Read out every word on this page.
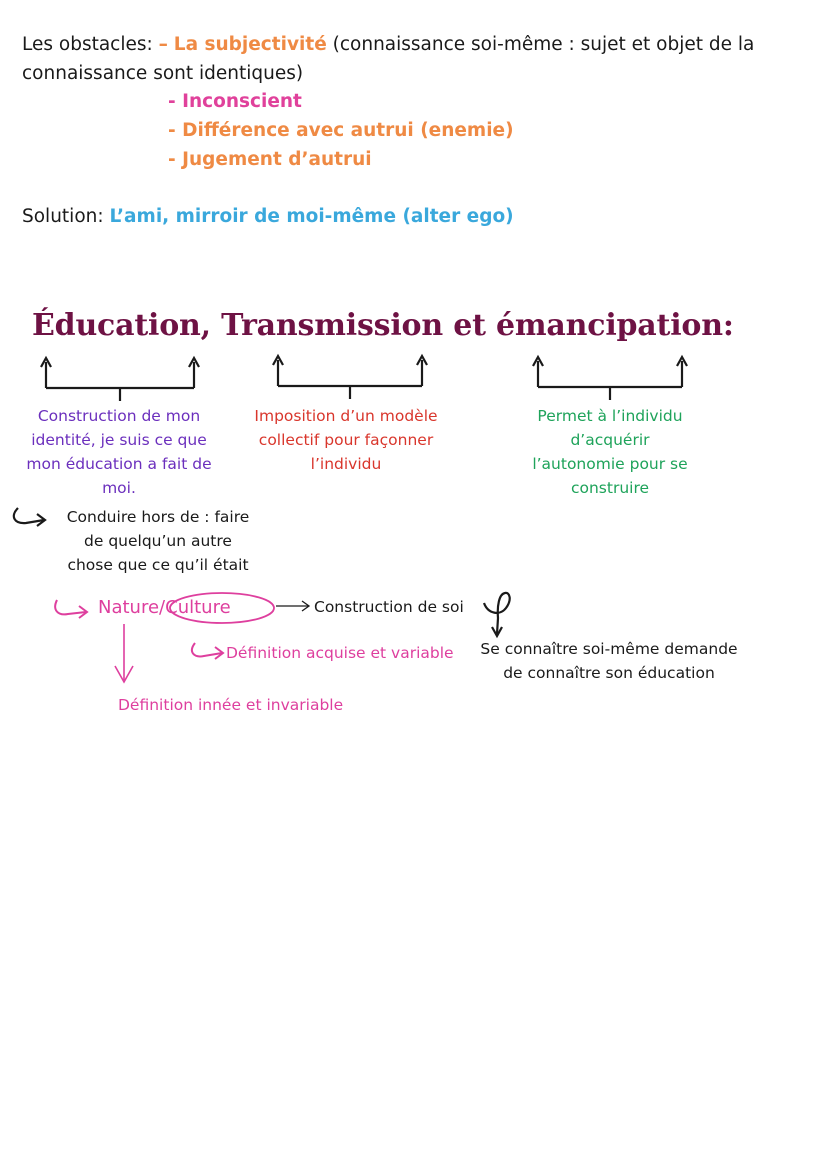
Les obstacles: – La subjectivité (connaissance soi-même : sujet et objet de la
connaissance sont identiques)
- Inconscient
- Différence avec autrui (enemie)
- Jugement d’autrui
Solution: L’ami, mirroir de moi-même (alter ego)
Éducation, Transmission et émancipation:
Construction de mon
identité, je suis ce que
mon éducation a fait de
moi.
Imposition d’un modèle
collectif pour façonner
l’individu
Permet à l’individu
d’acquérir
l’autonomie pour se
construire
Conduire hors de : faire
de quelqu’un autre
chose que ce qu’il était
Nature/Culture	Construction de soi
Définition acquise et variable	Se connaître soi-même demande
de connaître son éducation
Définition innée et invariable
